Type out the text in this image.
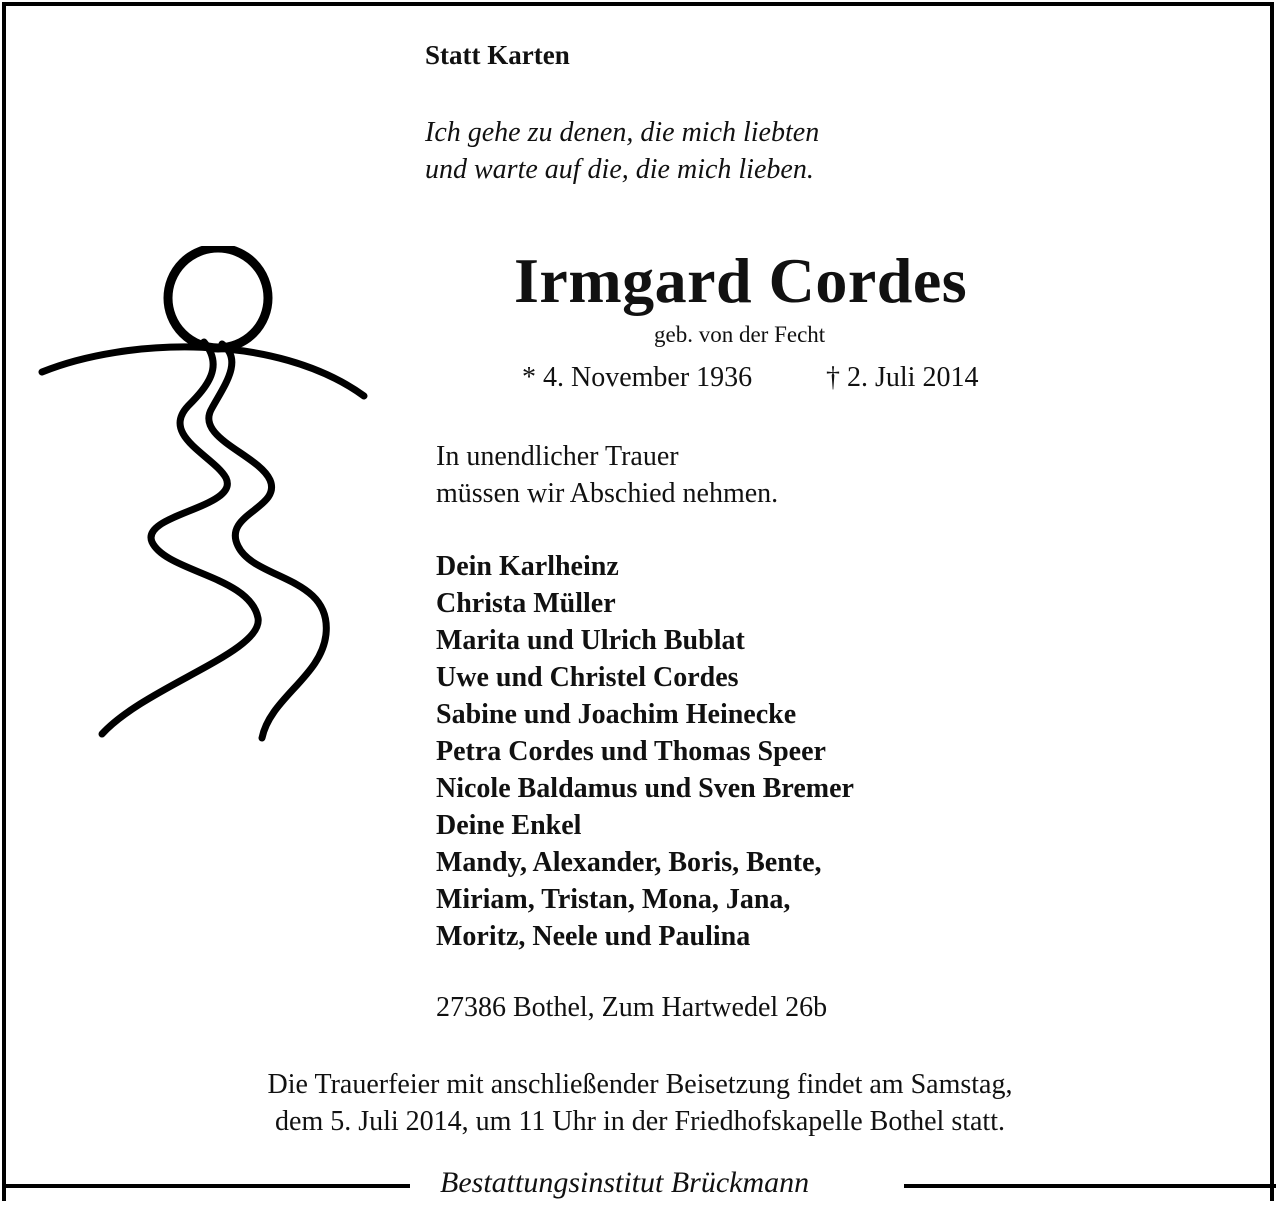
Statt Karten
Ich gehe zu denen, die mich liebten
und warte auf die, die mich lieben.
Irmgard Cordes
geb. von der Fecht
* 4. November 1936	† 2. Juli 2014
In unendlicher Trauer
müssen wir Abschied nehmen.
Dein Karlheinz
Christa Müller
Marita und Ulrich Bublat
Uwe und Christel Cordes
Sabine und Joachim Heinecke
Petra Cordes und Thomas Speer
Nicole Baldamus und Sven Bremer
Deine Enkel
Mandy, Alexander, Boris, Bente,
Miriam, Tristan, Mona, Jana,
Moritz, Neele und Paulina
27386 Bothel, Zum Hartwedel 26b
Die Trauerfeier mit anschließender Beisetzung findet am Samstag,
dem 5. Juli 2014, um 11 Uhr in der Friedhofskapelle Bothel statt.
Bestattungsinstitut Brückmann
